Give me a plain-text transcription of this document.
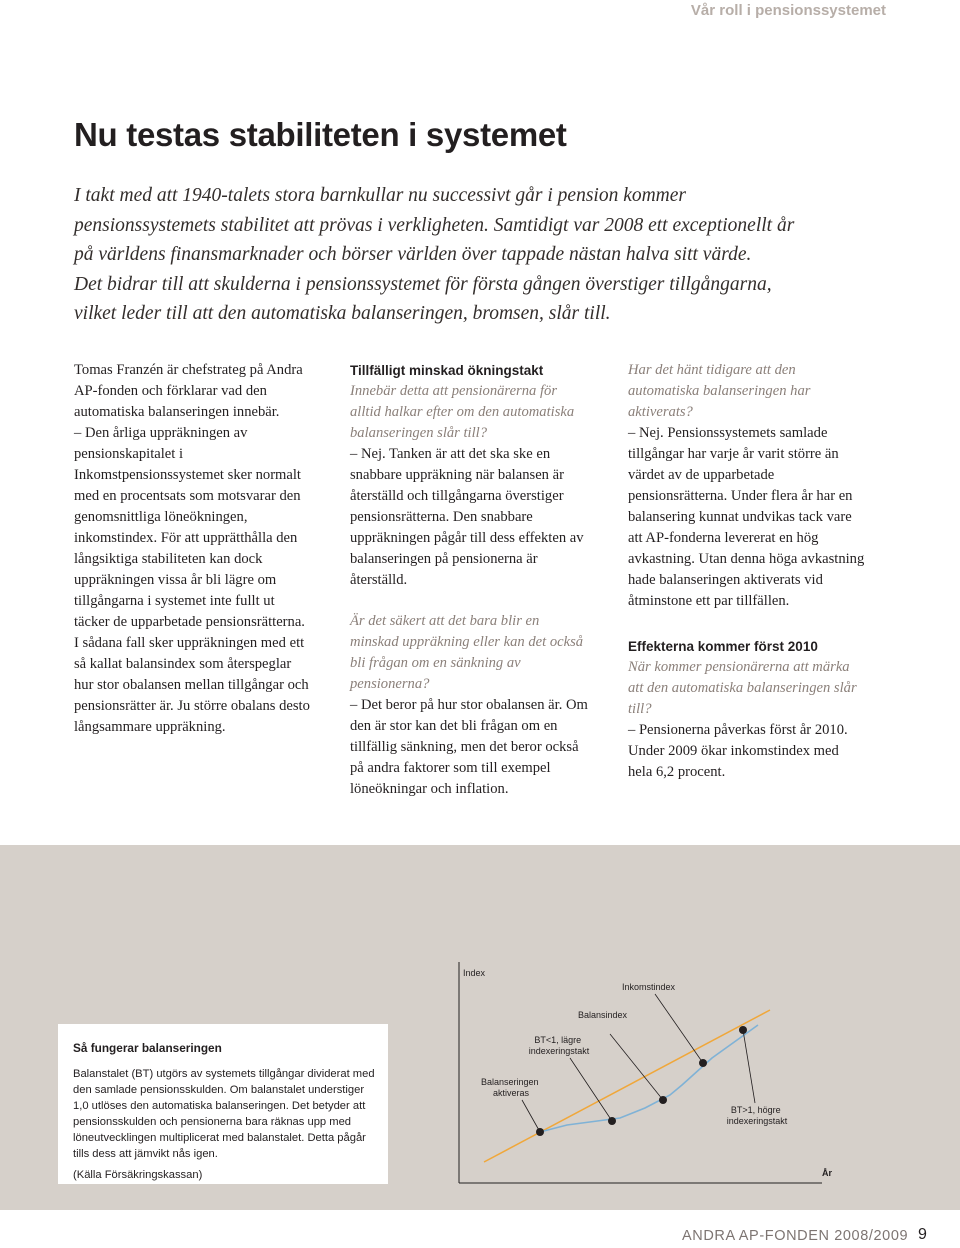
Vår roll i pensionssystemet
Nu testas stabiliteten i systemet

I takt med att 1940-talets stora barnkullar nu successivt går i pension kommer pensionssystemets stabilitet att prövas i verkligheten. Samtidigt var 2008 ett exceptionellt år på världens finansmarknader och börser världen över tappade nästan halva sitt värde.

Det bidrar till att skulderna i pensionssystemet för första gången överstiger tillgångarna, vilket leder till att den automatiska balanseringen, bromsen, slår till.

Tomas Franzén är chefstrateg på Andra AP-fonden och förklarar vad den automatiska balanseringen innebär.

– Den årliga uppräkningen av pensionskapitalet i Inkomstpensionssystemet sker normalt med en procentsats som motsvarar den genomsnittliga löneökningen, inkomstindex. För att upprätthålla den långsiktiga stabiliteten kan dock uppräkningen vissa år bli lägre om tillgångarna i systemet inte fullt ut täcker de upparbetade pensionsrätterna. I sådana fall sker uppräkningen med ett så kallat balansindex som återspeglar hur stor obalansen mellan tillgångar och pensionsrätter är. Ju större obalans desto långsammare uppräkning.

Tillfälligt minskad ökningstakt

Innebär detta att pensionärerna för alltid halkar efter om den automatiska balanseringen slår till?

– Nej. Tanken är att det ska ske en snabbare uppräkning när balansen är återställd och tillgångarna överstiger pensionsrätterna. Den snabbare uppräkningen pågår till dess effekten av balanseringen på pensionerna är återställd.

Är det säkert att det bara blir en minskad uppräkning eller kan det också bli frågan om en sänkning av pensionerna?

– Det beror på hur stor obalansen är. Om den är stor kan det bli frågan om en tillfällig sänkning, men det beror också på andra faktorer som till exempel löneökningar och inflation.

Har det hänt tidigare att den automatiska balanseringen har aktiverats?

– Nej. Pensionssystemets samlade tillgångar har varje år varit större än värdet av de upparbetade pensionsrätterna. Under flera år har en balansering kunnat undvikas tack vare att AP-fonderna levererat en hög avkastning. Utan denna höga avkastning hade balanseringen aktiverats vid åtminstone ett par tillfällen.

Effekterna kommer först 2010

När kommer pensionärerna att märka att den automatiska balanseringen slår till?

– Pensionerna påverkas först år 2010. Under 2009 ökar inkomstindex med hela 6,2 procent.

Så fungerar balanseringen

Balanstalet (BT) utgörs av systemets tillgångar dividerat med den samlade pensionsskulden. Om balanstalet understiger 1,0 utlöses den automatiska balanseringen. Det betyder att pensionsskulden och pensionerna bara räknas upp med löneutvecklingen multiplicerat med balanstalet. Detta pågår tills dess att jämvikt nås igen.

(Källa Försäkringskassan)

Index
År
Inkomstindex
Balansindex
BT<1, lägre indexeringstakt
Balanseringen aktiveras
BT>1, högre indexeringstakt
ANDRA AP-FONDEN 2008/2009 9
